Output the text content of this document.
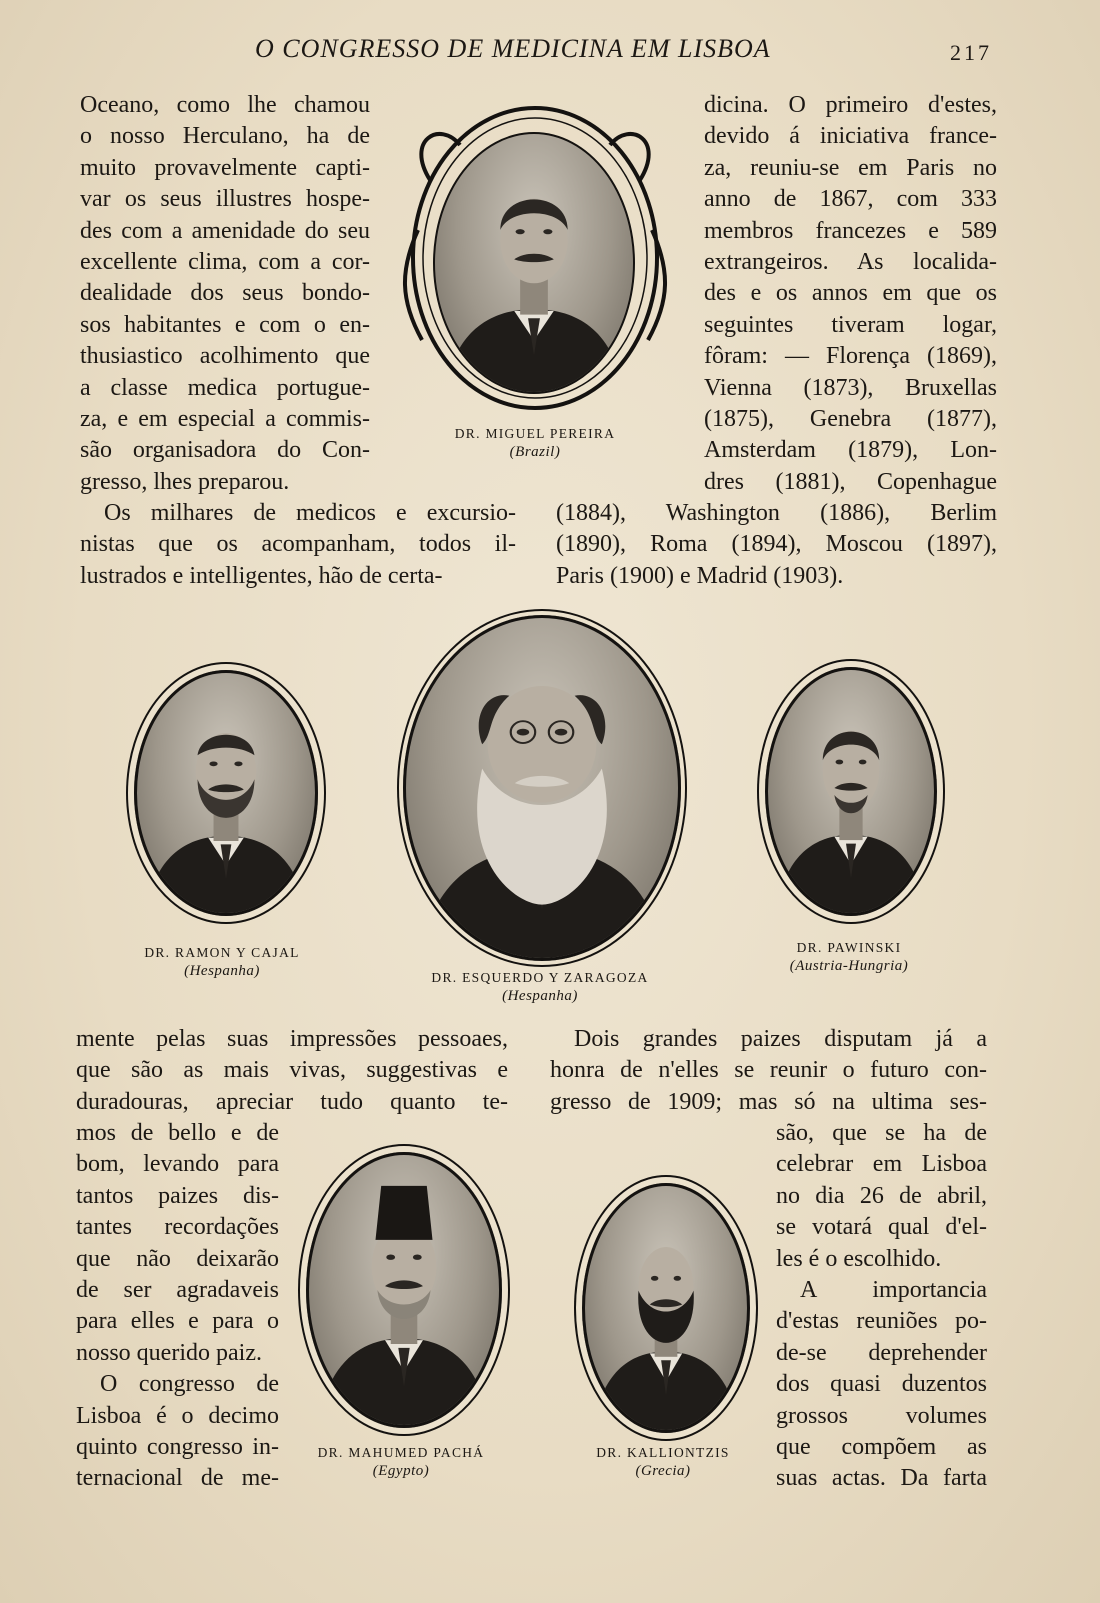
O CONGRESSO DE MEDICINA EM LISBOA	217
Oceano, como lhe chamou
o nosso Herculano, ha de
muito provavelmente capti-
var os seus illustres hospe-
des com a amenidade do seu
excellente clima, com a cor-
dealidade dos seus bondo-
sos habitantes e com o en-
thusiastico acolhimento que
a classe medica portugue-
za, e em especial a commis-
são organisadora do Con-
gresso, lhes preparou.
Os milhares de medicos e excursio-
nistas que os acompanham, todos il-
lustrados e intelligentes, hão de certa-
dicina. O primeiro d'estes,
devido á iniciativa france-
za, reuniu-se em Paris no
anno de 1867, com 333
membros francezes e 589
extrangeiros. As localida-
des e os annos em que os
seguintes tiveram logar,
fôram: — Florença (1869),
Vienna (1873), Bruxellas
(1875), Genebra (1877),
Amsterdam (1879), Lon-
dres (1881), Copenhague
(1884), Washington (1886), Berlim
(1890), Roma (1894), Moscou (1897),
Paris (1900) e Madrid (1903).
DR. MIGUEL PEREIRA
(Brazil)
DR. RAMON Y CAJAL
(Hespanha)	DR. ESQUERDO Y ZARAGOZA
(Hespanha)
DR. PAWINSKI
(Austria-Hungria)
mente pelas suas impressões pessoaes,
que são as mais vivas, suggestivas e
duradouras, apreciar tudo quanto te-
mos de bello e de
bom, levando para
tantos paizes dis-
tantes recordações
que não deixarão
de ser agradaveis
para elles e para o
nosso querido paiz.
O congresso de
Lisboa é o decimo
quinto congresso in-
ternacional de me-
Dois grandes paizes disputam já a
honra de n'elles se reunir o futuro con-
gresso de 1909; mas só na ultima ses-
são, que se ha de
celebrar em Lisboa
no dia 26 de abril,
se votará qual d'el-
les é o escolhido.
A importancia
d'estas reuniões po-
de-se deprehender
dos quasi duzentos
grossos volumes
que compõem as
suas actas. Da farta
DR. MAHUMED PACHÁ
(Egypto)
DR. KALLIONTZIS
(Grecia)
